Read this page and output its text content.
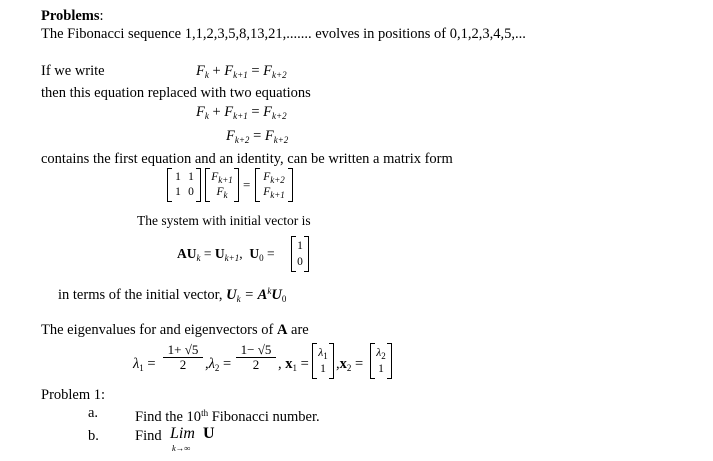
Problems:
The Fibonacci sequence 1,1,2,3,5,8,13,21,....... evolves in positions of 0,1,2,3,4,5,...
If we write	$F_k + F_{k+1} = F_{k+2}$
then this equation replaced with two equations
$F_k + F_{k+1} = F_{k+2}$
$F_{k+2} = F_{k+2}$
contains the first equation and an identity, can be written a matrix form
1 1
1 0
$F_{k+1}$
$F_k$
=	$F_{k+2}$
$F_{k+1}$
The system with initial vector is
$AU_k = U_{k+1}$,  $U_0 = 1$
0
in terms of the initial vector, $U_k = A^kU_0$
The eigenvalues for and eigenvectors of A are
$\lambda_1 = \frac{1+ √5}{2} ,\lambda_2 = \frac{1- √5}{2}$ , $x_1$ =
$\lambda_1$
1 $,x_2$ =
$\lambda_2$
1
Problem 1:
a.	Find the 10th Fibonacci number.
b. Find Lim U
k→∞
